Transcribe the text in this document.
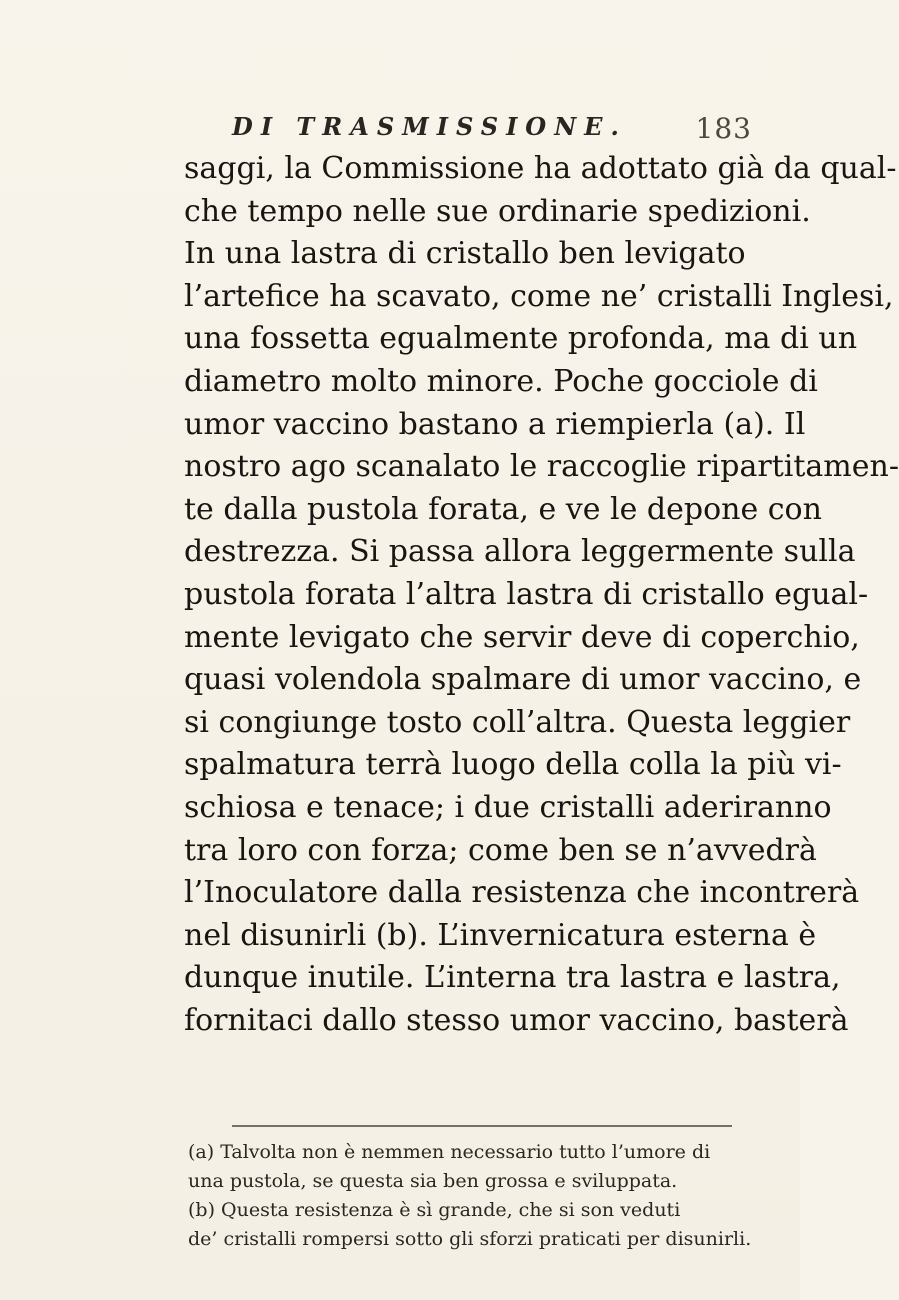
DI TRASMISSIONE. 183
saggi, la Commissione ha adottato già da qual-
che tempo nelle sue ordinarie spedizioni.
In una lastra di cristallo ben levigato
l’artefice ha scavato, come ne’ cristalli Inglesi,
una fossetta egualmente profonda, ma di un
diametro molto minore. Poche gocciole di
umor vaccino bastano a riempierla (a). Il
nostro ago scanalato le raccoglie ripartitamen-
te dalla pustola forata, e ve le depone con
destrezza. Si passa allora leggermente sulla
pustola forata l’altra lastra di cristallo egual-
mente levigato che servir deve di coperchio,
quasi volendola spalmare di umor vaccino, e
si congiunge tosto coll’altra. Questa leggier
spalmatura terrà luogo della colla la più vi-
schiosa e tenace; i due cristalli aderiranno
tra loro con forza; come ben se n’avvedrà
l’Inoculatore dalla resistenza che incontrerà
nel disunirli (b). L’invernicatura esterna è
dunque inutile. L’interna tra lastra e lastra,
fornitaci dallo stesso umor vaccino, basterà
(a) Talvolta non è nemmen necessario tutto l’umore di
una pustola, se questa sia ben grossa e sviluppata.
(b) Questa resistenza è sì grande, che si son veduti
de’ cristalli rompersi sotto gli sforzi praticati per disunirli.
